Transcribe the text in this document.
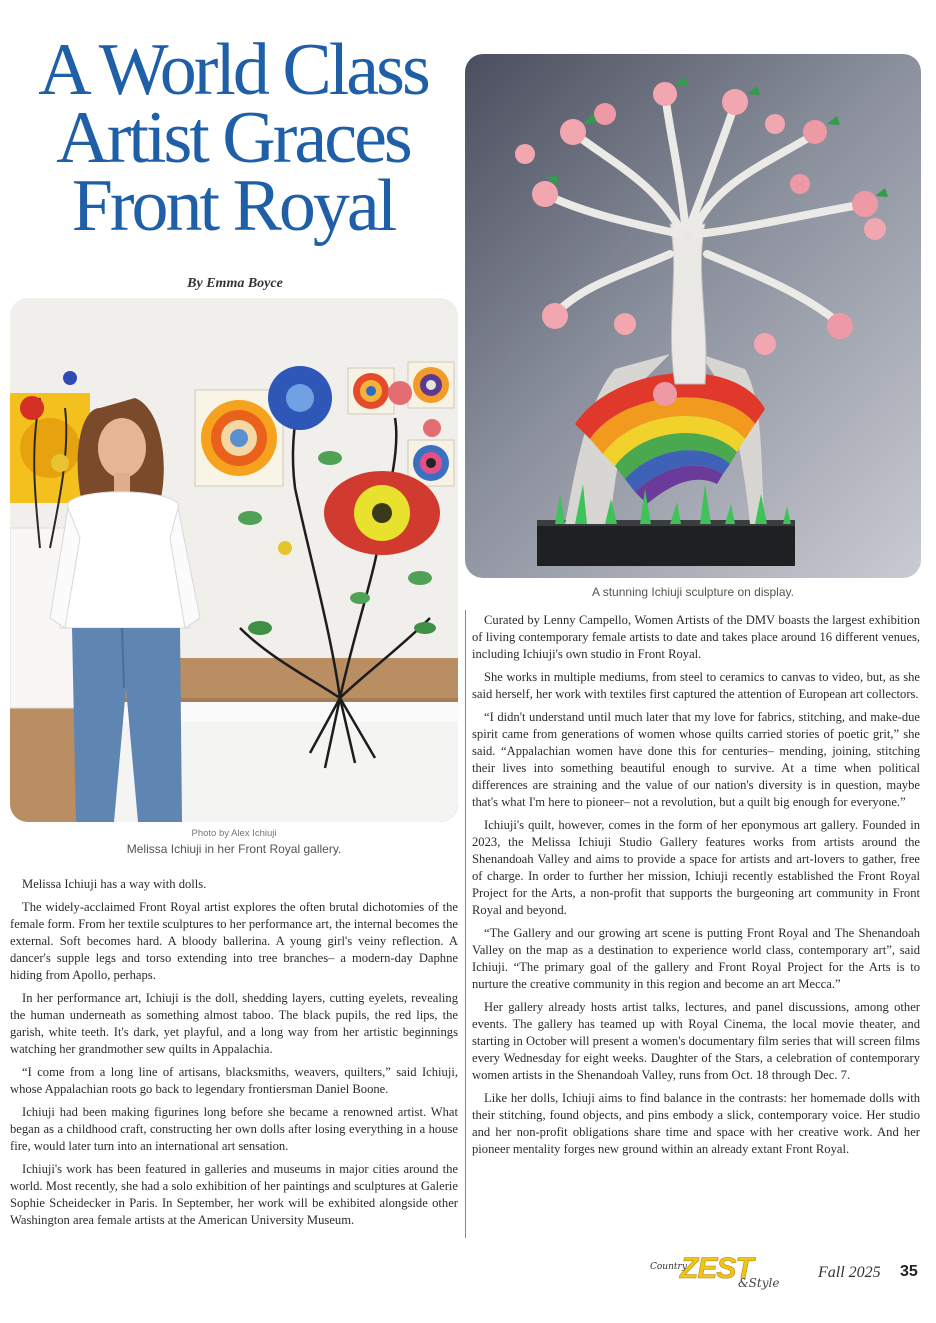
A World Class
Artist Graces
Front Royal
By Emma Boyce
Photo by Alex Ichiuji
Melissa Ichiuji in her Front Royal gallery.
A stunning Ichiuji sculpture on display.

Melissa Ichiuji has a way with dolls.

The widely-acclaimed Front Royal artist explores the often brutal dichotomies of the female form. From her textile sculptures to her performance art, the internal becomes the external. Soft becomes hard. A bloody ballerina. A young girl's veiny reflection. A dancer's supple legs and torso extending into tree branches– a modern-day Daphne hiding from Apollo, perhaps.

In her performance art, Ichiuji is the doll, shedding layers, cutting eyelets, revealing the human underneath as something almost taboo. The black pupils, the red lips, the garish, white teeth. It's dark, yet playful, and a long way from her artistic beginnings watching her grandmother sew quilts in Appalachia.

“I come from a long line of artisans, blacksmiths, weavers, quilters,” said Ichiuji, whose Appalachian roots go back to legendary frontiersman Daniel Boone.

Ichiuji had been making figurines long before she became a renowned artist. What began as a childhood craft, constructing her own dolls after losing everything in a house fire, would later turn into an international art sensation.

Ichiuji's work has been featured in galleries and museums in major cities around the world. Most recently, she had a solo exhibition of her paintings and sculptures at Galerie Sophie Scheidecker in Paris. In September, her work will be exhibited alongside other Washington area female artists at the American University Museum.

Curated by Lenny Campello, Women Artists of the DMV boasts the largest exhibition of living contemporary female artists to date and takes place around 16 different venues, including Ichiuji's own studio in Front Royal.

She works in multiple mediums, from steel to ceramics to canvas to video, but, as she said herself, her work with textiles first captured the attention of European art collectors.

“I didn't understand until much later that my love for fabrics, stitching, and make-due spirit came from generations of women whose quilts carried stories of poetic grit,” she said. “Appalachian women have done this for centuries– mending, joining, stitching their lives into something beautiful enough to survive. At a time when political differences are straining and the value of our nation's diversity is in question, maybe that's what I'm here to pioneer– not a revolution, but a quilt big enough for everyone.”

Ichiuji's quilt, however, comes in the form of her eponymous art gallery. Founded in 2023, the Melissa Ichiuji Studio Gallery features works from artists around the Shenandoah Valley and aims to provide a space for artists and art-lovers to gather, free of charge. In order to further her mission, Ichiuji recently established the Front Royal Project for the Arts, a non-profit that supports the burgeoning art community in Front Royal and beyond.

“The Gallery and our growing art scene is putting Front Royal and The Shenandoah Valley on the map as a destination to experience world class, contemporary art”, said Ichiuji. “The primary goal of the gallery and Front Royal Project for the Arts is to nurture the creative community in this region and become an art Mecca.”

Her gallery already hosts artist talks, lectures, and panel discussions, among other events. The gallery has teamed up with Royal Cinema, the local movie theater, and starting in October will present a women's documentary film series that will screen films every Wednesday for eight weeks. Daughter of the Stars, a celebration of contemporary women artists in the Shenandoah Valley, runs from Oct. 18 through Dec. 7.

Like her dolls, Ichiuji aims to find balance in the contrasts: her homemade dolls with their stitching, found objects, and pins embody a slick, contemporary voice. Her studio and her non-profit obligations share time and space with her creative work. And her pioneer mentality forges new ground within an already extant Front Royal.

Country
ZEST
&Style
Fall 2025 35
